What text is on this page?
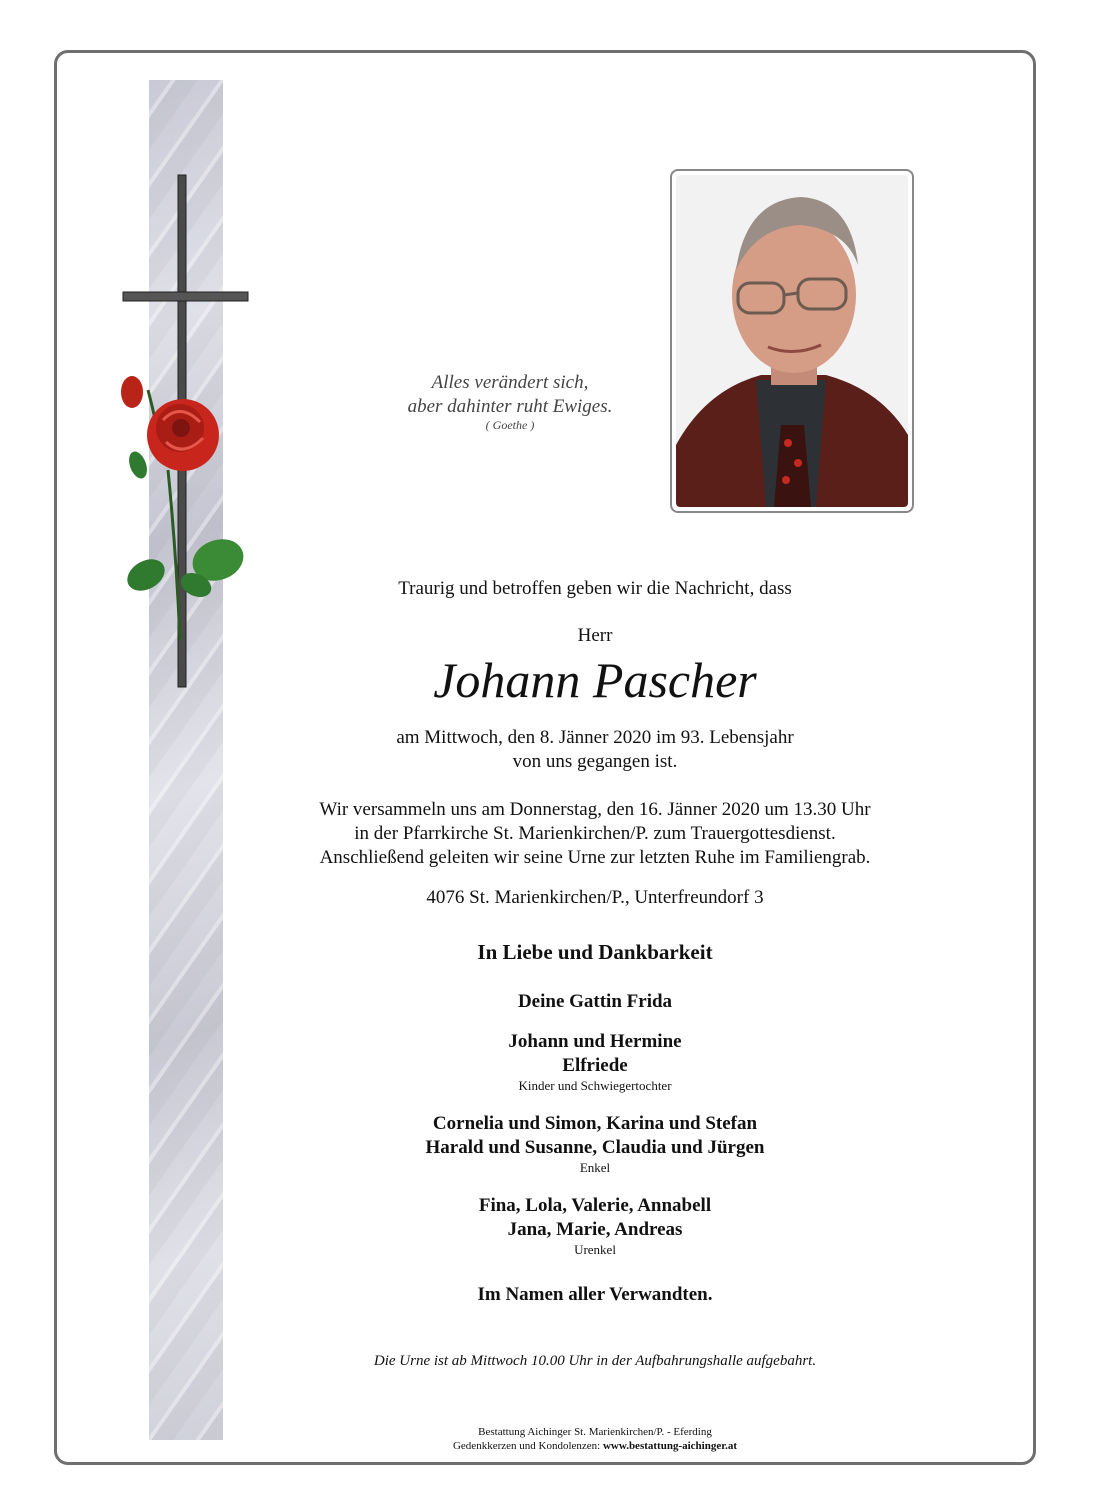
Alles verändert sich,
aber dahinter ruht Ewiges.
( Goethe )
Traurig und betroffen geben wir die Nachricht, dass
Herr
Johann Pascher
am Mittwoch, den 8. Jänner 2020 im 93. Lebensjahr
von uns gegangen ist.
Wir versammeln uns am Donnerstag, den 16. Jänner 2020 um 13.30 Uhr
in der Pfarrkirche St. Marienkirchen/P. zum Trauergottesdienst.
Anschließend geleiten wir seine Urne zur letzten Ruhe im Familiengrab.
4076 St. Marienkirchen/P., Unterfreundorf 3
In Liebe und Dankbarkeit
Deine Gattin Frida
Johann und Hermine
Elfriede
Kinder und Schwiegertochter
Cornelia und Simon, Karina und Stefan
Harald und Susanne, Claudia und Jürgen
Enkel
Fina, Lola, Valerie, Annabell
Jana, Marie, Andreas
Urenkel
Im Namen aller Verwandten.
Die Urne ist ab Mittwoch 10.00 Uhr in der Aufbahrungshalle aufgebahrt.
Bestattung Aichinger St. Marienkirchen/P. - Eferding
Gedenkkerzen und Kondolenzen: www.bestattung-aichinger.at
